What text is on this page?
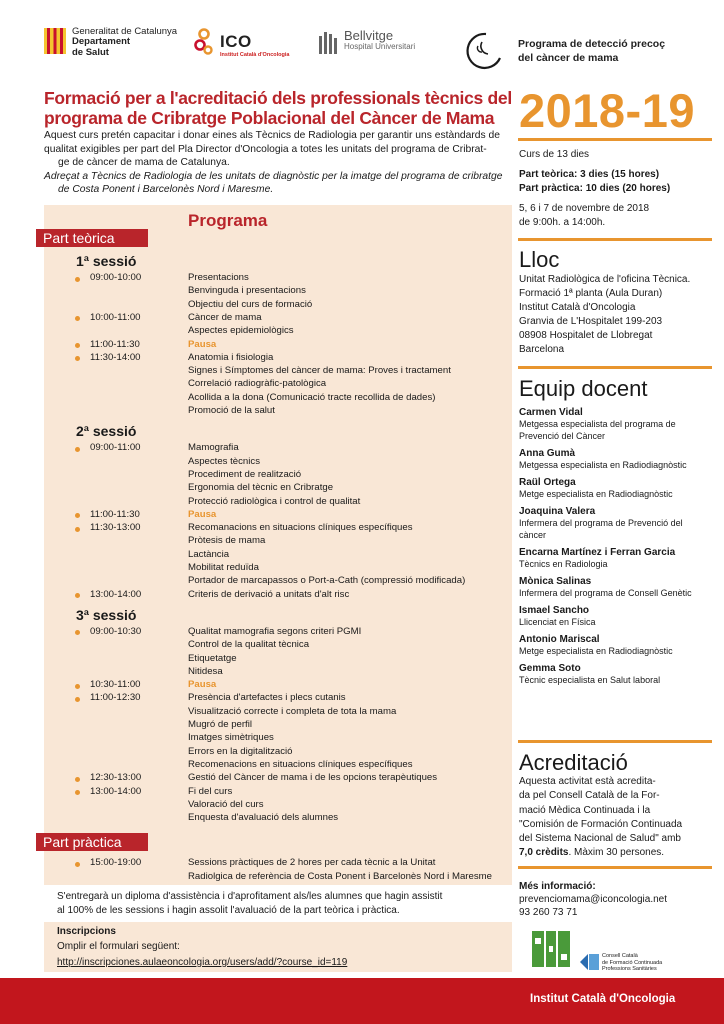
Generalitat de Catalunya
Departament
de Salut
ICO
Institut Català d'Oncologia
Bellvitge
Hospital Universitari	Programa de detecció precoç
del càncer de mama
Formació per a l'acreditació dels professionals tècnics del
programa de Cribratge Poblacional del Càncer de Mama
Aquest curs pretén capacitar i donar eines als Tècnics de Radiologia per garantir uns estàndards de
qualitat exigibles per part del Pla Director d'Oncologia a totes les unitats del programa de Cribrat-
ge de càncer de mama de Catalunya.
Adreçat a Tècnics de Radiologia de les unitats de diagnòstic per la imatge del programa de cribratge
de Costa Ponent i Barcelonès Nord i Maresme.
Programa
Part teòrica
1ª sessió
09:00-10:00	Presentacions
Benvinguda i presentacions
Objectiu del curs de formació
10:00-11:00	Càncer de mama
Aspectes epidemiològics
11:00-11:30	Pausa
11:30-14:00	Anatomia i fisiologia
Signes i Símptomes del càncer de mama: Proves i tractament
Correlació radiogràfic-patològica
Acollida a la dona (Comunicació tracte recollida de dades)
Promoció de la salut
2ª sessió
09:00-11:00	Mamografia
Aspectes tècnics
Procediment de realització
Ergonomia del tècnic en Cribratge
Protecció radiològica i control de qualitat
11:00-11:30	Pausa
11:30-13:00	Recomanacions en situacions clíniques específiques
Pròtesis de mama
Lactància
Mobilitat reduïda
Portador de marcapassos o Port-a-Cath (compressió modificada)
13:00-14:00	Criteris de derivació a unitats d'alt risc
3ª sessió
09:00-10:30	Qualitat mamografia segons criteri PGMI
Control de la qualitat tècnica
Etiquetatge
Nitidesa
10:30-11:00	Pausa
11:00-12:30	Presència d'artefactes i plecs cutanis
Visualització correcte i completa de tota la mama
Mugró de perfil
Imatges simètriques
Errors en la digitalització
Recomenacions en situacions clíniques específiques
12:30-13:00	Gestió del Càncer de mama i de les opcions terapèutiques
13:00-14:00	Fi del curs
Valoració del curs
Enquesta d'avaluació dels alumnes
Part pràctica
15:00-19:00	Sessions pràctiques de 2 hores per cada tècnic a la Unitat
Radiolgica de referència de Costa Ponent i Barcelonès Nord i Maresme
2018-19
Curs de 13 dies
Part teòrica: 3 dies (15 hores)
Part pràctica: 10 dies (20 hores)
5, 6 i 7 de novembre de 2018
de 9:00h. a 14:00h.
Lloc
Unitat Radiològica de l'oficina Tècnica.
Formació 1ª planta (Aula Duran)
Institut Català d'Oncologia
Granvia de L'Hospitalet 199-203
08908 Hospitalet de Llobregat
Barcelona
Equip docent
Carmen Vidal
Metgessa especialista del programa de
Prevenció del Càncer
Anna Gumà
Metgessa especialista en Radiodiagnòstic
Raül Ortega
Metge especialista en Radiodiagnòstic
Joaquina Valera
Infermera del programa de Prevenció del
càncer
Encarna Martínez i Ferran Garcia
Tècnics en Radiologia
Mònica Salinas
Infermera del programa de Consell Genètic
Ismael Sancho
Llicenciat en Física
Antonio Mariscal
Metge especialista en Radiodiagnòstic
Gemma Soto
Tècnic especialista en Salut laboral
Acreditació
Aquesta activitat està acredita-
da pel Consell Català de la For-
mació Mèdica Continuada i la
"Comisión de Formación Continuada
del Sistema Nacional de Salud" amb
7,0 crèdits. Màxim 30 persones.
Més informació:
prevenciomama@iconcologia.net
93 260 73 71
Consell Català
de Formació Continuada
Professions Sanitàries
S'entregarà un diploma d'assistència i d'aprofitament als/les alumnes que hagin assistit
al 100% de les sessions i hagin assolit l'avaluació de la part teòrica i pràctica.
Inscripcions
Omplir el formulari següent:
http://inscripciones.aulaeoncologia.org/users/add/?course_id=119
Institut Català d'Oncologia
